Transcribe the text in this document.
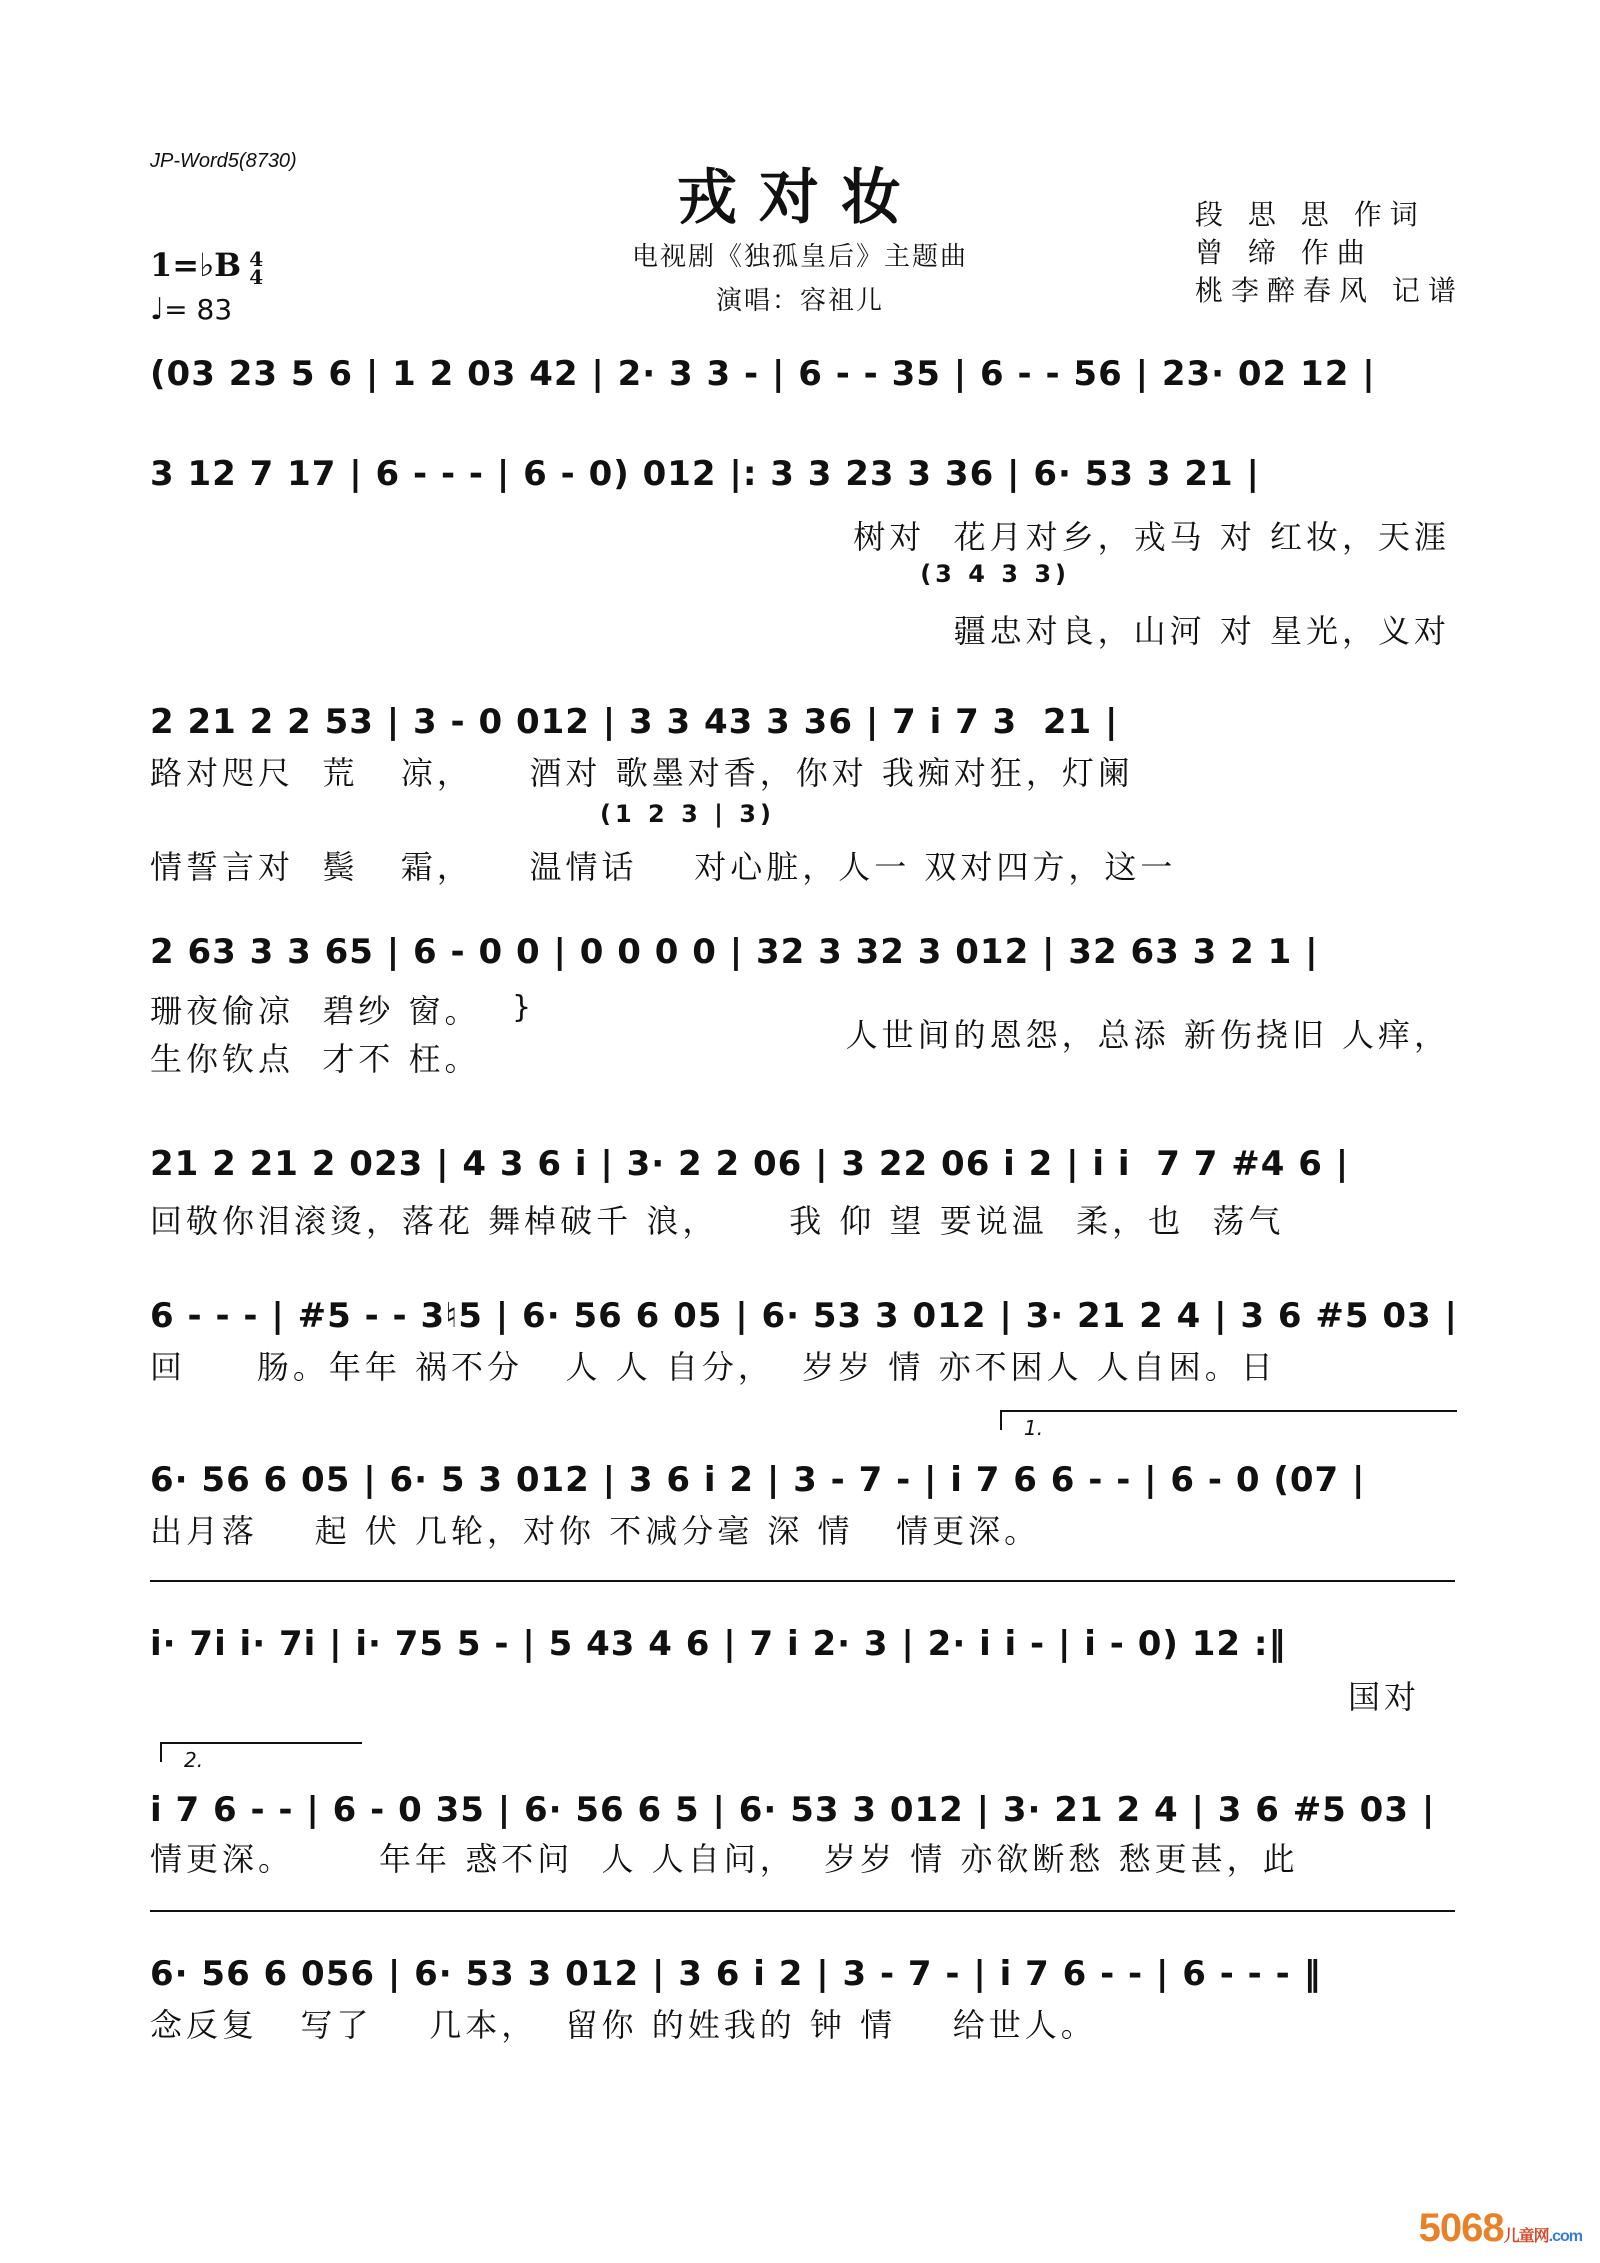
JP-Word5(8730)
戎对妆
电视剧《独孤皇后》主题曲
演唱：容祖儿
段 思 思 作词
曾 缔 作曲
桃李醉春风 记谱
1=♭B 4
4
♩= 83
(03 23 5 6 | 1 2 03 42 | 2· 3 3 - | 6 - - 35 | 6 - - 56 | 23· 02 12 |
3 12 7 17 | 6 - - - | 6 - 0) 012 |: 3 3 23 3 36 | 6· 53 3 21 |
树对  花月对乡，戎马 对 红妆，天涯
(3 4 3 3)
疆忠对良，山河 对 星光，义对
2 21 2 2 53 | 3 - 0 012 | 3 3 43 3 36 | 7 i 7 3  21 |
路对咫尺  荒   凉，    酒对 歌墨对香，你对 我痴对狂，灯阑
(1 2 3 | 3)
情誓言对  鬓   霜，    温情话    对心脏，人一 双对四方，这一
2 63 3 3 65 | 6 - 0 0 | 0 0 0 0 | 32 3 32 3 012 | 32 63 3 2 1 |
珊夜偷凉  碧纱 窗。
生你钦点  才不 枉。
}
人世间的恩怨，总添 新伤挠旧 人痒，
21 2 21 2 023 | 4 3 6 i | 3· 2 2 06 | 3 22 06 i 2 | i i  7 7 #4 6 |
回敬你泪滚烫，落花 舞棹破千 浪，     我 仰 望 要说温  柔，也  荡气
6 - - - | #5 - - 3♮5 | 6· 56 6 05 | 6· 53 3 012 | 3· 21 2 4 | 3 6 #5 03 |
回     肠。年年 祸不分   人 人 自分，  岁岁 情 亦不困人 人自困。日
1.
6· 56 6 05 | 6· 5 3 012 | 3 6 i 2 | 3 - 7 - | i 7 6 6 - - | 6 - 0 (07 |
出月落    起 伏 几轮，对你 不减分毫 深 情   情更深。
i· 7i i· 7i | i· 75 5 - | 5 43 4 6 | 7 i 2· 3 | 2· i i - | i - 0) 12 :‖
国对
2.
i 7 6 - - | 6 - 0 35 | 6· 56 6 5 | 6· 53 3 012 | 3· 21 2 4 | 3 6 #5 03 |
情更深。      年年 惑不问  人 人自问，  岁岁 情 亦欲断愁 愁更甚，此
6· 56 6 056 | 6· 53 3 012 | 3 6 i 2 | 3 - 7 - | i 7 6 - - | 6 - - - ‖
念反复   写了    几本，  留你 的姓我的 钟 情    给世人。
5068儿童网.com
